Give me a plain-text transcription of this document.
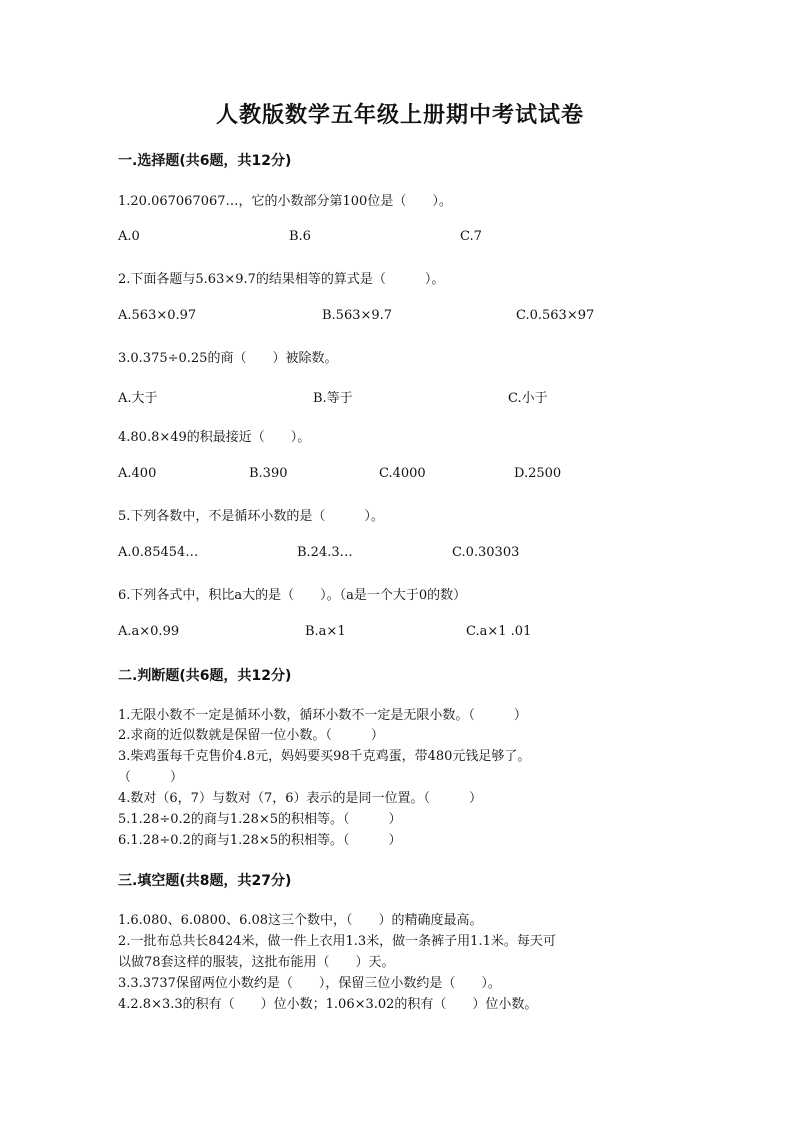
人教版数学五年级上册期中考试试卷
一.选择题(共6题，共12分)
1.20.067067067…，它的小数部分第100位是（　　）。
A.0	B.6	C.7
2.下面各题与5.63×9.7的结果相等的算式是（　　　）。
A.563×0.97	B.563×9.7	C.0.563×97
3.0.375÷0.25的商（　　）被除数。
A.大于	B.等于	C.小于
4.80.8×49的积最接近（　　）。
A.400	B.390	C.4000	D.2500
5.下列各数中，不是循环小数的是（　　　）。
A.0.85454…	B.24.3…	C.0.30303
6.下列各式中，积比a大的是（　　）。（a是一个大于0的数）
A.a×0.99	B.a×1	C.a×1 .01
二.判断题(共6题，共12分)
1.无限小数不一定是循环小数，循环小数不一定是无限小数。（　　　）
2.求商的近似数就是保留一位小数。（　　　）
3.柴鸡蛋每千克售价4.8元，妈妈要买98千克鸡蛋，带480元钱足够了。
（　　　）
4.数对（6，7）与数对（7，6）表示的是同一位置。（　　　）
5.1.28÷0.2的商与1.28×5的积相等。（　　　）
6.1.28÷0.2的商与1.28×5的积相等。（　　　）
三.填空题(共8题，共27分)
1.6.080、6.0800、6.08这三个数中，（　　）的精确度最高。
2.一批布总共长8424米，做一件上衣用1.3米，做一条裤子用1.1米。每天可
以做78套这样的服装，这批布能用（　　）天。
3.3.3737保留两位小数约是（　　），保留三位小数约是（　　）。
4.2.8×3.3的积有（　　）位小数；1.06×3.02的积有（　　）位小数。
